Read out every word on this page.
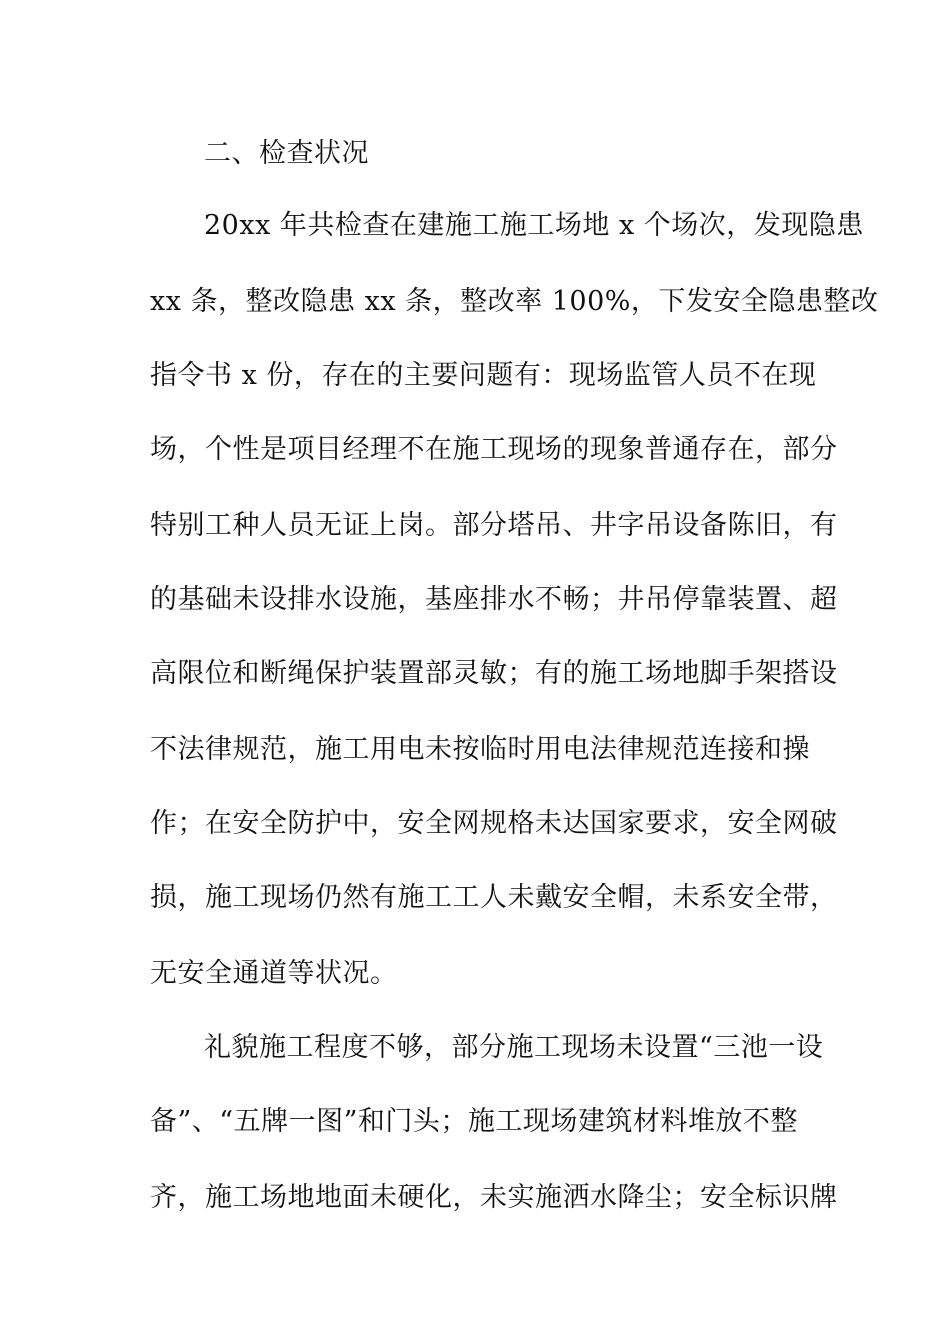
二、检查状况
20xx 年共检查在建施工施工场地 x 个场次，发现隐患
xx 条，整改隐患 xx 条，整改率 100%，下发安全隐患整改
指令书 x 份，存在的主要问题有：现场监管人员不在现
场，个性是项目经理不在施工现场的现象普通存在，部分
特别工种人员无证上岗。部分塔吊、井字吊设备陈旧，有
的基础未设排水设施，基座排水不畅；井吊停靠装置、超
高限位和断绳保护装置部灵敏；有的施工场地脚手架搭设
不法律规范，施工用电未按临时用电法律规范连接和操
作；在安全防护中，安全网规格未达国家要求，安全网破
损，施工现场仍然有施工工人未戴安全帽，未系安全带，
无安全通道等状况。
礼貌施工程度不够，部分施工现场未设置“三池一设
备”、“五牌一图”和门头；施工现场建筑材料堆放不整
齐，施工场地地面未硬化，未实施洒水降尘；安全标识牌
